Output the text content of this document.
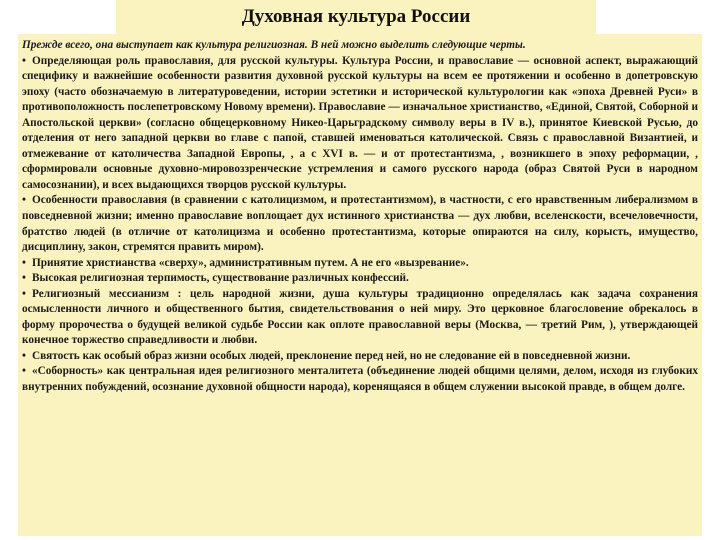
Духовная культура России

Прежде всего, она выступает как культура религиозная. В ней можно выделить следующие черты.

• Определяющая роль православия, для русской культуры. Культура России, и православие — основной аспект, выражающий специфику и важнейшие особенности развития духовной русской культуры на всем ее протяжении и особенно в допетровскую эпоху (часто обозначаемую в литературоведении, истории эстетики и исторической культурологии как «эпоха Древней Руси» в противоположность послепетровскому Новому времени). Православие — изначальное христианство, «Единой, Святой, Соборной и Апостольской церкви» (согласно общецерковному Никео-Царьградскому символу веры в IV в.), принятое Киевской Русью, до отделения от него западной церкви во главе с папой, ставшей именоваться католической. Связь с православной Византией, и отмежевание от католичества Западной Европы, , а с XVI в. — и от протестантизма, , возникшего в эпоху реформации, , сформировали основные духовно-мировоззренческие устремления и самого русского народа (образ Святой Руси в народном самосознании), и всех выдающихся творцов русской культуры.

• Особенности православия (в сравнении с католицизмом, и протестантизмом), в частности, с его нравственным либерализмом в повседневной жизни; именно православие воплощает дух истинного христианства — дух любви, вселенскости, всечеловечности, братство людей (в отличие от католицизма и особенно протестантизма, которые опираются на силу, корысть, имущество, дисциплину, закон, стремятся править миром).

• Принятие христианства «сверху», административным путем. А не его «вызревание».

• Высокая религиозная терпимость, существование различных конфессий.

• Религиозный мессианизм : цель народной жизни, душа культуры традиционно определялась как задача сохранения осмысленности личного и общественного бытия, свидетельствования о ней миру. Это церковное благословение обрекалось в форму пророчества о будущей великой судьбе России как оплоте православной веры (Москва, — третий Рим, ), утверждающей конечное торжество справедливости и любви.

• Святость как особый образ жизни особых людей, преклонение перед ней, но не следование ей в повседневной жизни.

• «Соборность» как центральная идея религиозного менталитета (объединение людей общими целями, делом, исходя из глубоких внутренних побуждений, осознание духовной общности народа), коренящаяся в общем служении высокой правде, в общем долге.
